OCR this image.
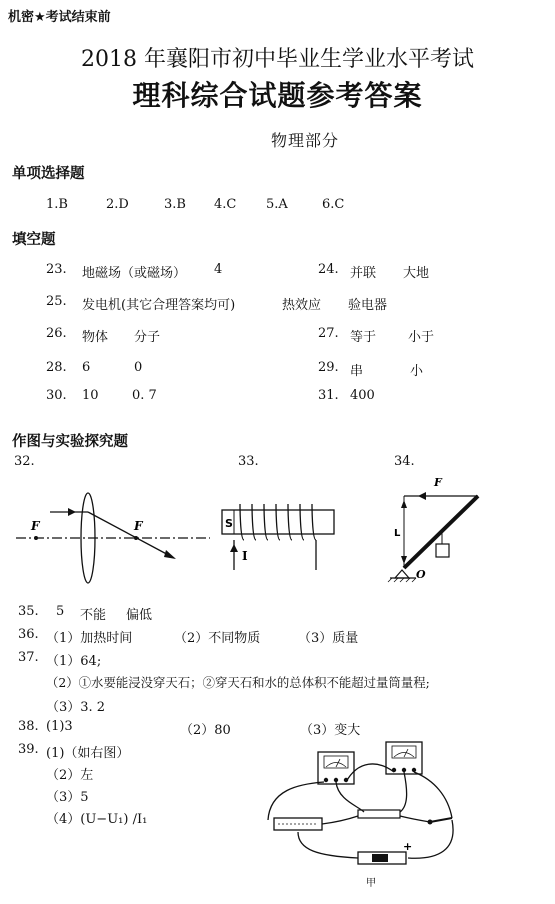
机密★考试结束前
2018 年襄阳市初中毕业生学业水平考试
理科综合试题参考答案
物理部分
单项选择题
1.B	2.D	3.B 4.C 5.A	6.C
填空题
23. 地磁场（或磁场） 4	24. 并联 大地
25. 发电机(其它合理答案均可)	热效应 验电器
26. 物体 分子	27. 等于 小于
28. 6	0	29. 串	小
30. 10	0. 7	31. 400
作图与实验探究题
32.	33.	34.
F	F	S
I
F
L
O
35. 5 不能 偏低
36. （1）加热时间	（2）不同物质	（3）质量
37. （1）64;
（2）①水要能浸没穿天石；②穿天石和水的总体积不能超过量筒量程;
（3）3. 2
38. (1)3	（2）80	（3）变大
39. (1)（如右图）
（2）左
（3）5
（4）(U−U₁) /I₁
+
甲
